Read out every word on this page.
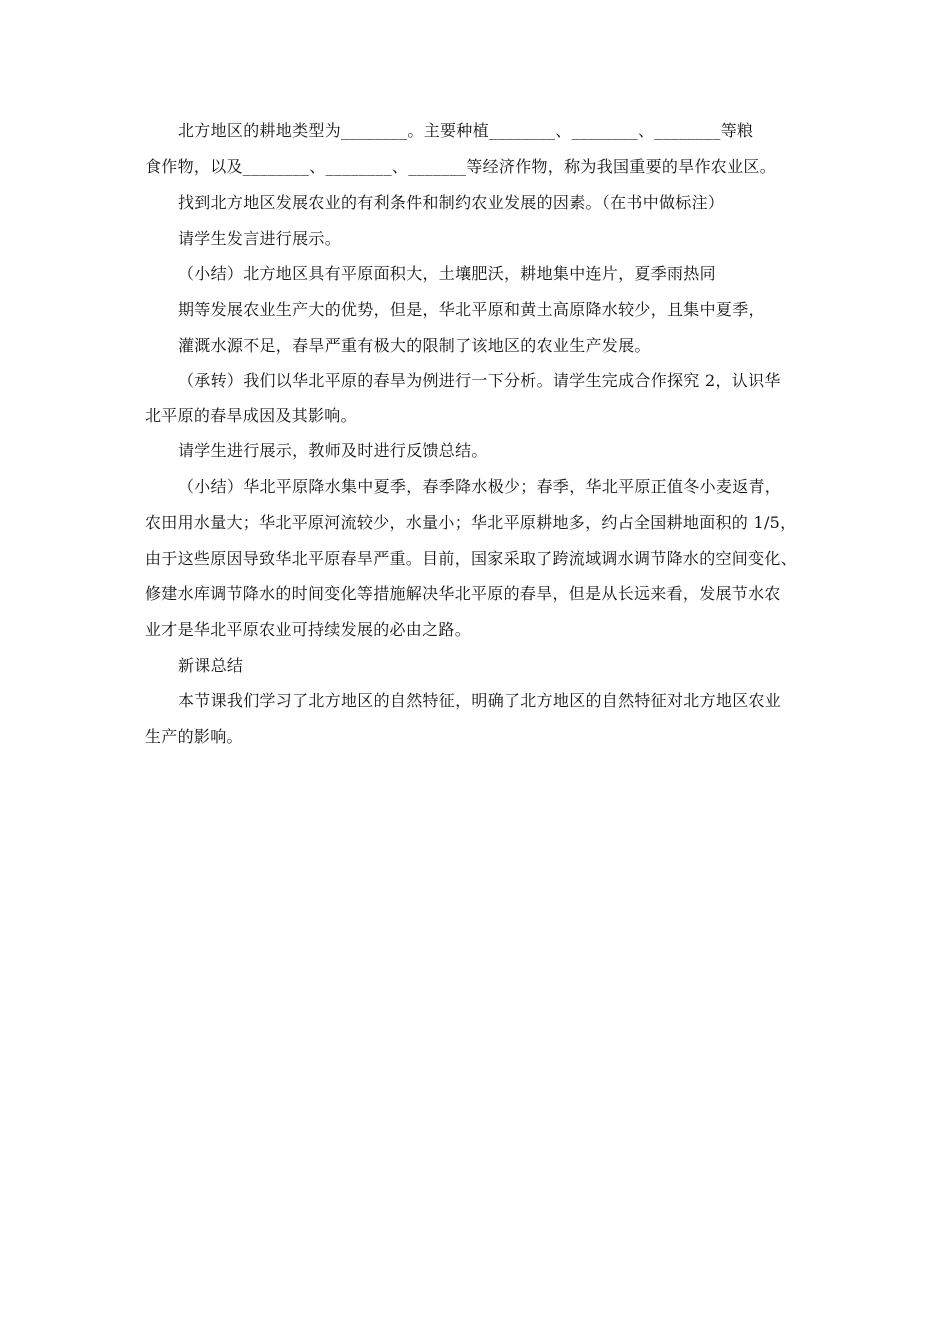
北方地区的耕地类型为________。主要种植________、________、________等粮
食作物，以及________、________、_______等经济作物，称为我国重要的旱作农业区。
找到北方地区发展农业的有利条件和制约农业发展的因素。（在书中做标注）
请学生发言进行展示。
（小结）北方地区具有平原面积大，土壤肥沃，耕地集中连片，夏季雨热同
期等发展农业生产大的优势，但是，华北平原和黄土高原降水较少，且集中夏季，
灌溉水源不足，春旱严重有极大的限制了该地区的农业生产发展。
（承转）我们以华北平原的春旱为例进行一下分析。请学生完成合作探究 2，认识华
北平原的春旱成因及其影响。
请学生进行展示，教师及时进行反馈总结。
（小结）华北平原降水集中夏季，春季降水极少；春季，华北平原正值冬小麦返青，
农田用水量大；华北平原河流较少，水量小；华北平原耕地多，约占全国耕地面积的 1/5，
由于这些原因导致华北平原春旱严重。目前，国家采取了跨流域调水调节降水的空间变化、
修建水库调节降水的时间变化等措施解决华北平原的春旱，但是从长远来看，发展节水农
业才是华北平原农业可持续发展的必由之路。
新课总结
本节课我们学习了北方地区的自然特征，明确了北方地区的自然特征对北方地区农业
生产的影响。
